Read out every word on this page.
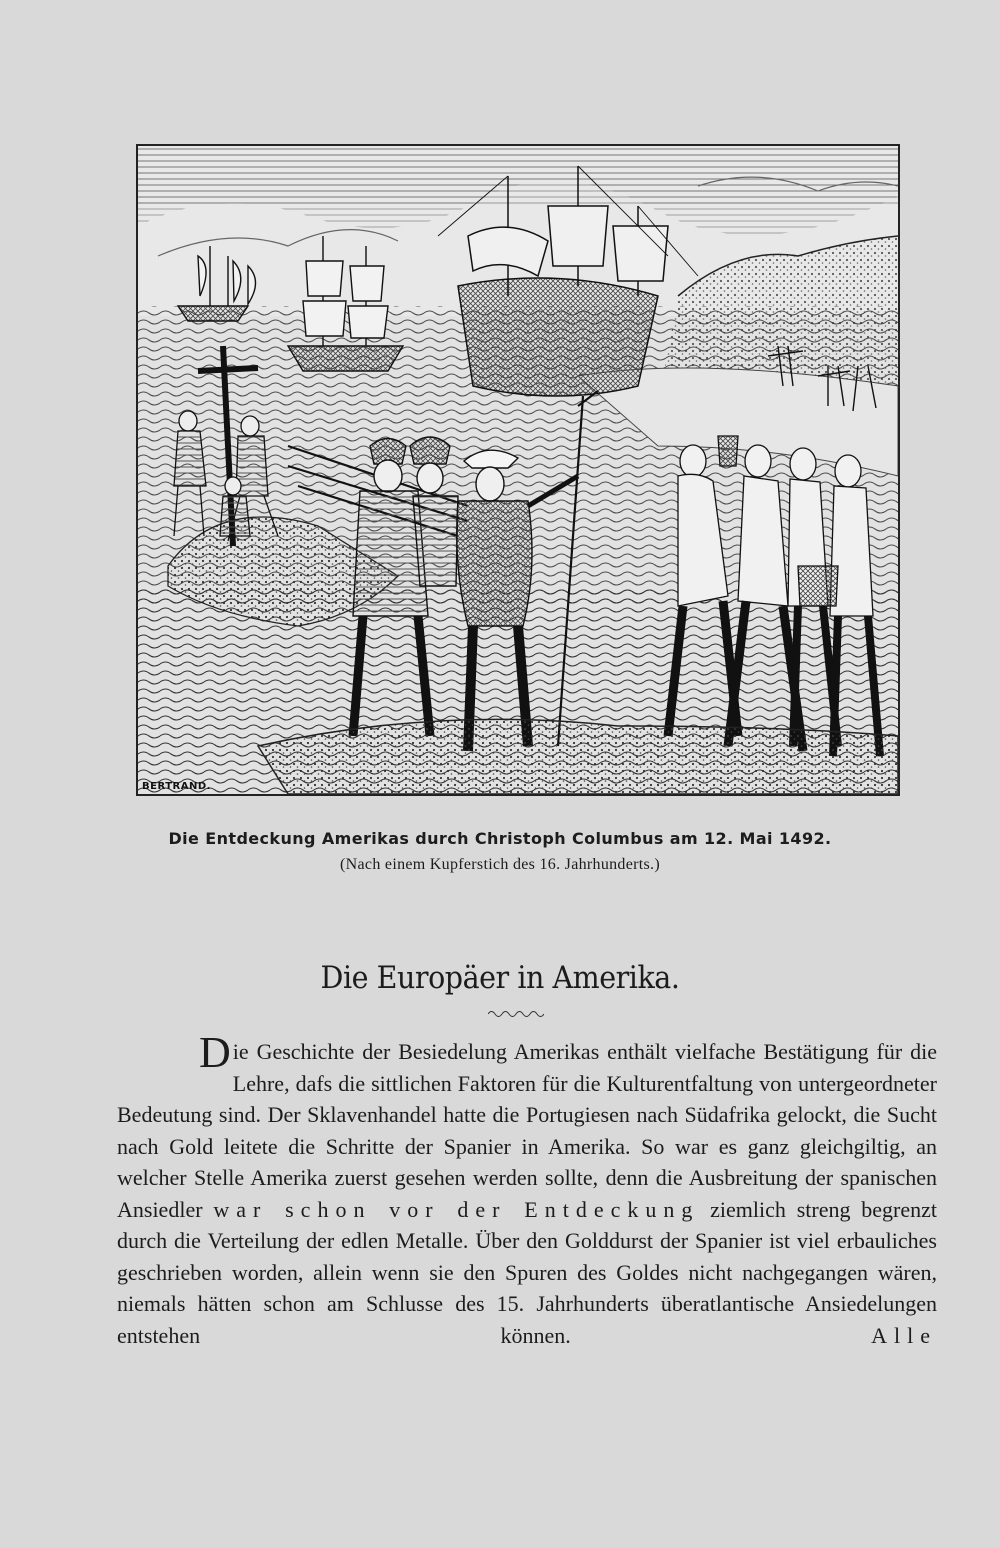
BERTRAND.
Die Entdeckung Amerikas durch Christoph Columbus am 12. Mai 1492.
(Nach einem Kupferstich des 16. Jahrhunderts.)
Die Europäer in Amerika.
Die Geschichte der Besiedelung Amerikas enthält vielfache Bestätigung für die Lehre, dafs die sittlichen Faktoren für die Kulturentfaltung von untergeordneter Bedeutung sind. Der Sklavenhandel hatte die Portugiesen nach Südafrika gelockt, die Sucht nach Gold leitete die Schritte der Spanier in Amerika. So war es ganz gleichgiltig, an welcher Stelle Amerika zuerst gesehen werden sollte, denn die Ausbreitung der spanischen Ansiedler war schon vor der Entdeckung ziemlich streng begrenzt durch die Verteilung der edlen Metalle. Über den Golddurst der Spanier ist viel erbauliches geschrieben worden, allein wenn sie den Spuren des Goldes nicht nachgegangen wären, niemals hätten schon am Schlusse des 15. Jahrhunderts überatlantische Ansiedelungen entstehen können. Alle
